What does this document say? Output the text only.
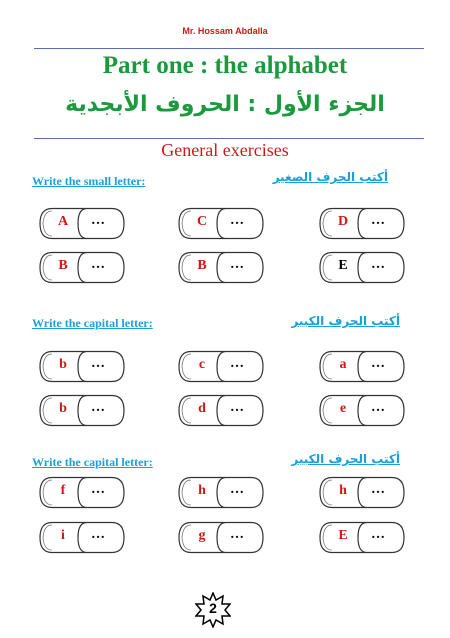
Mr. Hossam Abdalla
Part one : the alphabet
الجزء الأول : الحروف الأبجدية
General exercises
Write the small letter:	أكتب الحرف الصغير
A	…	C	…	D	…
B	…	B	…	E	…
Write the capital letter:	أكتب الحرف الكبير
b	…	c	…	a	…
b	…	d	…	e	…
Write the capital letter:	أكتب الحرف الكبير
f	…	h	…	h	…
i	…	g	…	E	…
2
